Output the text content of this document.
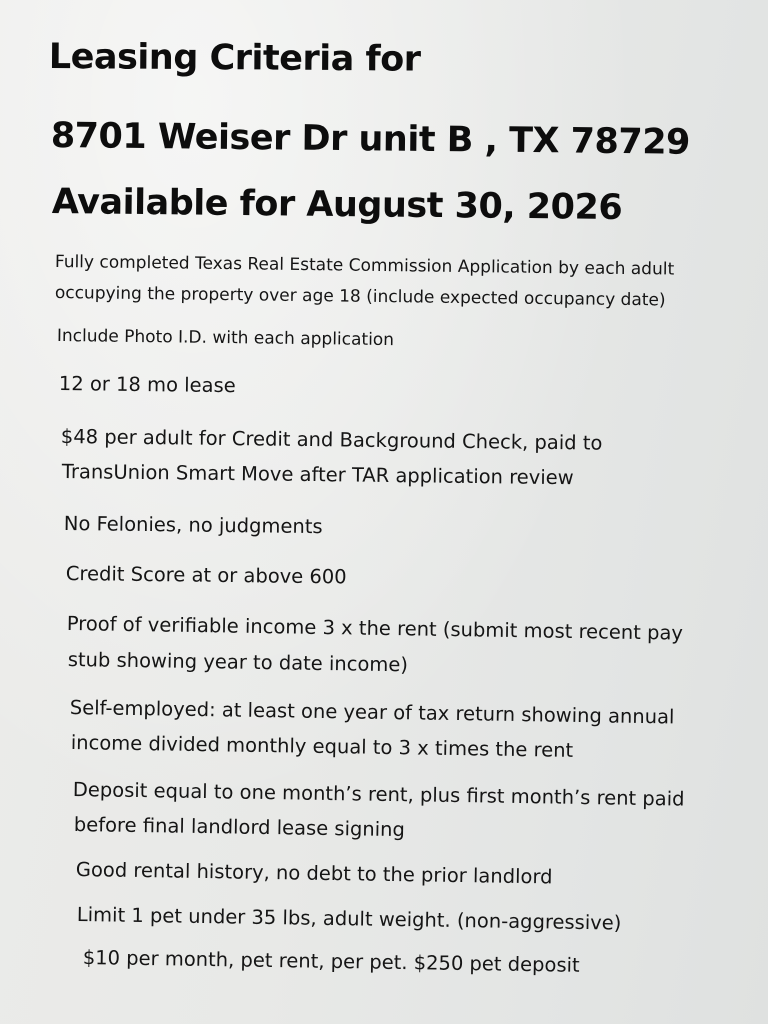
Leasing Criteria for
8701 Weiser Dr unit B , TX 78729
Available for August 30, 2026

Fully completed Texas Real Estate Commission Application by each adult

occupying the property over age 18 (include expected occupancy date)

Include Photo I.D. with each application

12 or 18 mo lease

$48 per adult for Credit and Background Check, paid to

TransUnion Smart Move after TAR application review

No Felonies, no judgments

Credit Score at or above 600

Proof of verifiable income 3 x the rent (submit most recent pay

stub showing year to date income)

Self-employed: at least one year of tax return showing annual

income divided monthly equal to 3 x times the rent

Deposit equal to one month’s rent, plus first month’s rent paid

before final landlord lease signing

Good rental history, no debt to the prior landlord

Limit 1 pet under 35 lbs, adult weight. (non-aggressive)

$10 per month, pet rent, per pet. $250 pet deposit
